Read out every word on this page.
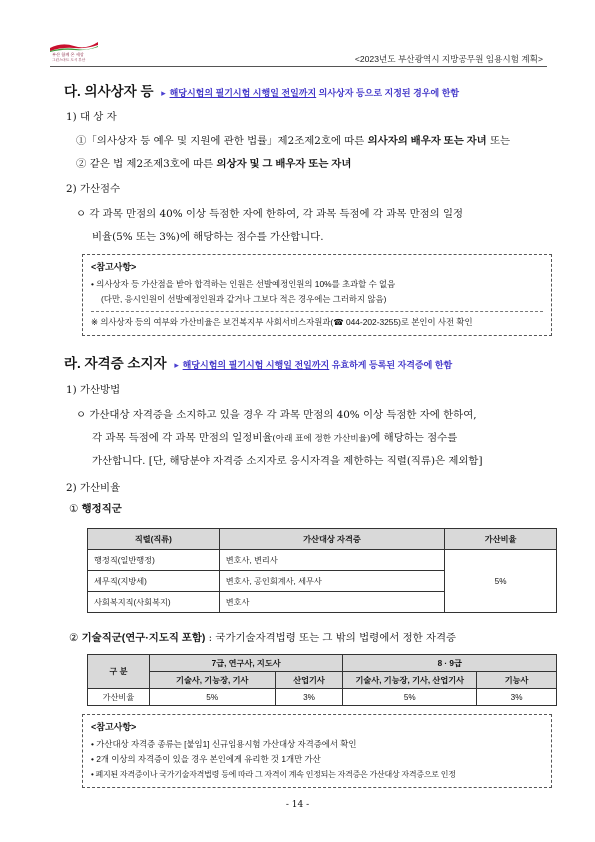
부산 함께 온 세상
그린스마트 도시 부산	<2023년도 부산광역시 지방공무원 임용시험 계획>
다. 의사상자 등 ▸ 해당시험의 필기시험 시행일 전일까지 의사상자 등으로 지정된 경우에 한함
1) 대 상 자
①「의사상자 등 예우 및 지원에 관한 법률」제2조제2호에 따른 의사자의 배우자 또는 자녀 또는
② 같은 법 제2조제3호에 따른 의상자 및 그 배우자 또는 자녀
2) 가산점수
ㅇ 각 과목 만점의 40% 이상 득점한 자에 한하여, 각 과목 득점에 각 과목 만점의 일정
비율(5% 또는 3%)에 해당하는 점수를 가산합니다.
<참고사항>
• 의사상자 등 가산점을 받아 합격하는 인원은 선발예정인원의 10%를 초과할 수 없음
(다만, 응시인원이 선발예정인원과 같거나 그보다 적은 경우에는 그러하지 않음)
※ 의사상자 등의 여부와 가산비율은 보건복지부 사회서비스자원과(☎ 044-202-3255)로 본인이 사전 확인
라. 자격증 소지자 ▸ 해당시험의 필기시험 시행일 전일까지 유효하게 등록된 자격증에 한함
1) 가산방법
ㅇ 가산대상 자격증을 소지하고 있을 경우 각 과목 만점의 40% 이상 득점한 자에 한하여,
각 과목 득점에 각 과목 만점의 일정비율(아래 표에 정한 가산비율)에 해당하는 점수를
가산합니다. [단, 해당분야 자격증 소지자로 응시자격을 제한하는 직렬(직류)은 제외함]
2) 가산비율
① 행정직군
직렬(직류)	가산대상 자격증	가산비율
행정직(일반행정)	변호사, 변리사	5%
세무직(지방세)	변호사, 공인회계사, 세무사	
사회복지직(사회복지)	변호사	
② 기술직군(연구·지도직 포함) : 국가기술자격법령 또는 그 밖의 법령에서 정한 자격증
구 분	7급, 연구사, 지도사		8 · 9급	
	기술사, 기능장, 기사	산업기사	기술사, 기능장, 기사, 산업기사	기능사
가산비율	5%	3%	5%	3%
<참고사항>
• 가산대상 자격증 종류는 [붙임1] 신규임용시험 가산대상 자격증에서 확인
• 2개 이상의 자격증이 있을 경우 본인에게 유리한 것 1개만 가산
• 폐지된 자격증이나 국가기술자격법령 등에 따라 그 자격이 계속 인정되는 자격증은 가산대상 자격증으로 인정
- 14 -
